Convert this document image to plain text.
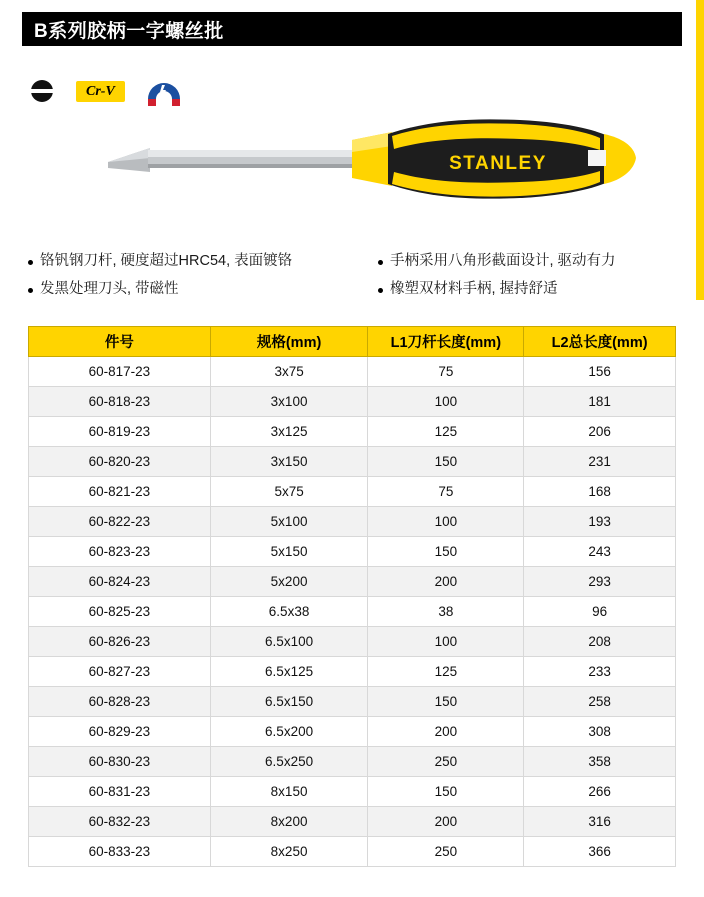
B系列胶柄一字螺丝批
Cr-V
STANLEY
铬钒钢刀杆, 硬度超过HRC54, 表面镀铬	手柄采用八角形截面设计, 驱动有力
发黑处理刀头, 带磁性	橡塑双材料手柄, 握持舒适
件号	规格(mm)	L1刀杆长度(mm)	L2总长度(mm)
60-817-23	3x75	75	156
60-818-23	3x100	100	181
60-819-23	3x125	125	206
60-820-23	3x150	150	231
60-821-23	5x75	75	168
60-822-23	5x100	100	193
60-823-23	5x150	150	243
60-824-23	5x200	200	293
60-825-23	6.5x38	38	96
60-826-23	6.5x100	100	208
60-827-23	6.5x125	125	233
60-828-23	6.5x150	150	258
60-829-23	6.5x200	200	308
60-830-23	6.5x250	250	358
60-831-23	8x150	150	266
60-832-23	8x200	200	316
60-833-23	8x250	250	366
